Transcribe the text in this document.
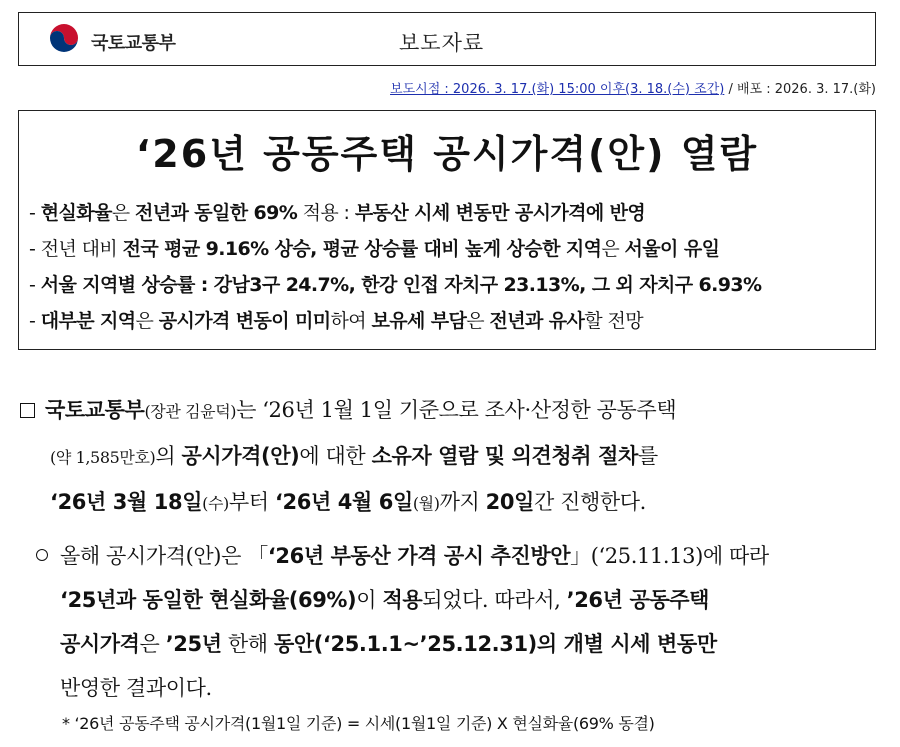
국토교통부	보도자료
보도시점 : 2026. 3. 17.(화) 15:00 이후(3. 18.(수) 조간) / 배포 : 2026. 3. 17.(화)
‘26년 공동주택 공시가격(안) 열람
- 현실화율은 전년과 동일한 69% 적용 : 부동산 시세 변동만 공시가격에 반영
- 전년 대비 전국 평균 9.16% 상승, 평균 상승률 대비 높게 상승한 지역은 서울이 유일
- 서울 지역별 상승률 : 강남3구 24.7%, 한강 인접 자치구 23.13%, 그 외 자치구 6.93%
- 대부분 지역은 공시가격 변동이 미미하여 보유세 부담은 전년과 유사할 전망
국토교통부(장관 김윤덕)는 ‘26년 1월 1일 기준으로 조사·산정한 공동주택
(약 1,585만호)의 공시가격(안)에 대한 소유자 열람 및 의견청취 절차를
‘26년 3월 18일(수)부터 ‘26년 4월 6일(월)까지 20일간 진행한다.
올해 공시가격(안)은 「‘26년 부동산 가격 공시 추진방안」(‘25.11.13)에 따라
‘25년과 동일한 현실화율(69%)이 적용되었다. 따라서, ’26년 공동주택
공시가격은 ’25년 한해 동안(‘25.1.1~’25.12.31)의 개별 시세 변동만
반영한 결과이다.
* ‘26년 공동주택 공시가격(1월1일 기준) = 시세(1월1일 기준) X 현실화율(69% 동결)
